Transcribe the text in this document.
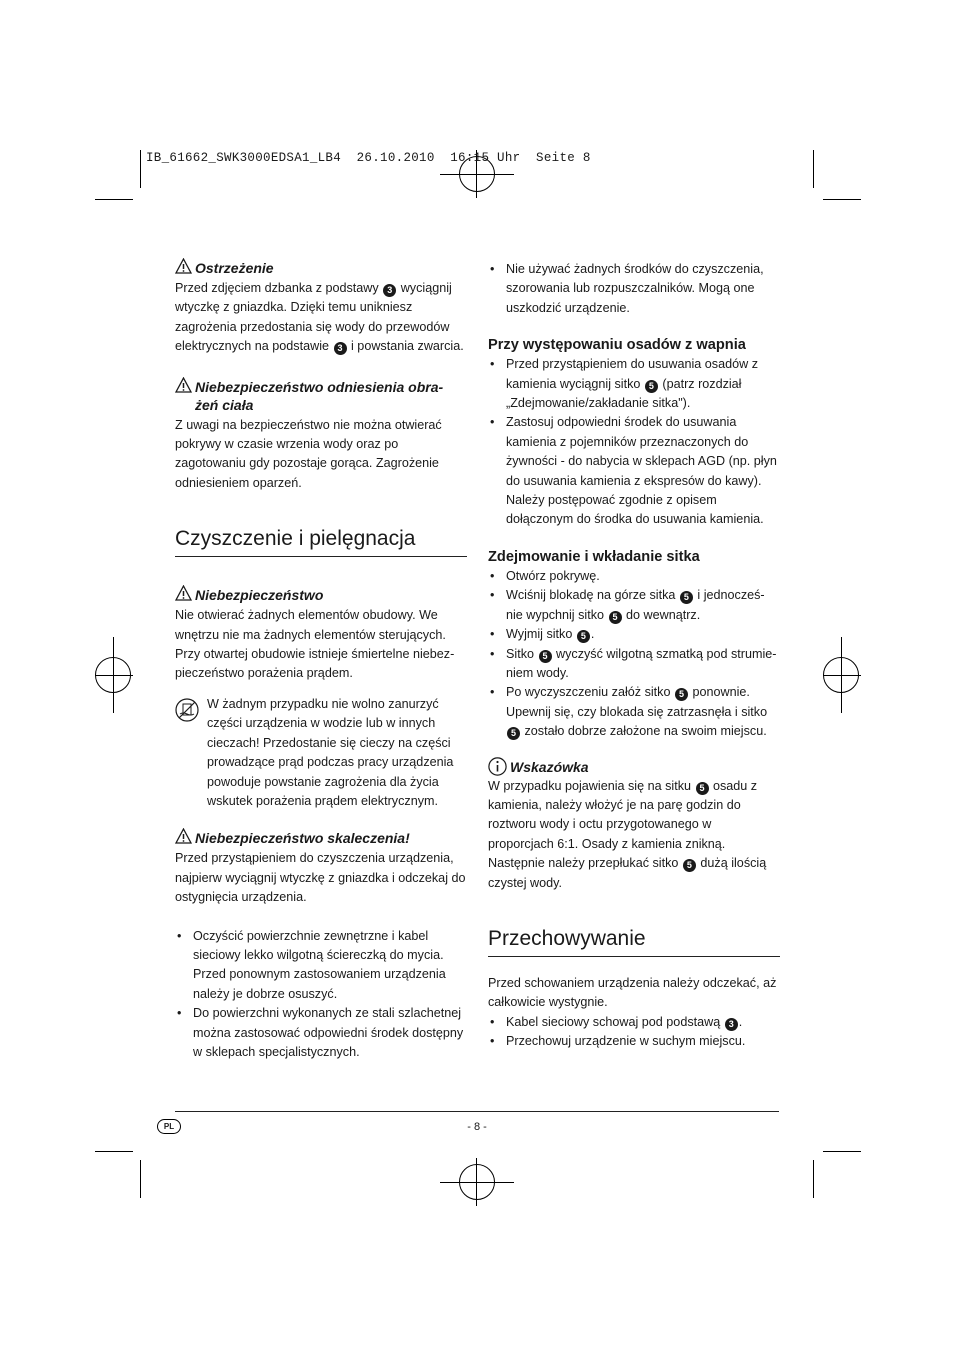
IB_61662_SWK3000EDSA1_LB4  26.10.2010  16:15 Uhr  Seite 8
Ostrzeżenie

Przed zdjęciem dzbanka z podstawy 3 wyciągnij wtyczkę z gniazdka. Dzięki temu unikniesz zagrożenia przedostania się wody do przewodów elektrycznych na podstawie 3 i powstania zwarcia.

Niebezpieczeństwo odniesienia obra- żeń ciała

Z uwagi na bezpieczeństwo nie można otwierać pokrywy w czasie wrzenia wody oraz po zagotowaniu gdy pozostaje gorąca. Zagrożenie odniesieniem oparzeń.

Czyszczenie i pielęgnacja
Niebezpieczeństwo

Nie otwierać żadnych elementów obudowy. We wnętrzu nie ma żadnych elementów sterujących. Przy otwartej obudowie istnieje śmiertelne niebez- pieczeństwo porażenia prądem.

W żadnym przypadku nie wolno zanurzyć części urządzenia w wodzie lub w innych cieczach! Przedostanie się cieczy na części prowadzące prąd podczas pracy urządzenia powoduje powstanie zagrożenia dla życia wskutek porażenia prądem elektrycznym.

Niebezpieczeństwo skaleczenia!

Przed przystąpieniem do czyszczenia urządzenia, najpierw wyciągnij wtyczkę z gniazdka i odczekaj do ostygnięcia urządzenia.

• Oczyścić powierzchnie zewnętrzne i kabel sieciowy lekko wilgotną ściereczką do mycia. Przed ponownym zastosowaniem urządzenia należy je dobrze osuszyć.
• Do powierzchni wykonanych ze stali szlachetnej można zastosować odpowiedni środek dostępny w sklepach specjalistycznych.
• Nie używać żadnych środków do czyszczenia, szorowania lub rozpuszczalników. Mogą one uszkodzić urządzenie.
Przy występowaniu osadów z wapnia
• Przed przystąpieniem do usuwania osadów z kamienia wyciągnij sitko 5 (patrz rozdział „Zdejmowanie/zakładanie sitka").
• Zastosuj odpowiedni środek do usuwania kamienia z pojemników przeznaczonych do żywności - do nabycia w sklepach AGD (np. płyn do usuwania kamienia z ekspresów do kawy). Należy postępować zgodnie z opisem dołączonym do środka do usuwania kamienia.
Zdejmowanie i wkładanie sitka
• Otwórz pokrywę.
• Wciśnij blokadę na górze sitka 5 i jednocześ- nie wypchnij sitko 5 do wewnątrz.
• Wyjmij sitko 5 .
• Sitko 5 wyczyść wilgotną szmatką pod strumie- niem wody.
• Po wyczyszczeniu załóż sitko 5 ponownie. Upewnij się, czy blokada się zatrzasnęła i sitko 5 zostało dobrze założone na swoim miejscu.
Wskazówka

W przypadku pojawienia się na sitku 5 osadu z kamienia, należy włożyć je na parę godzin do roztworu wody i octu przygotowanego w proporcjach 6:1. Osady z kamienia znikną. Następnie należy przepłukać sitko 5 dużą ilością czystej wody.

Przechowywanie

Przed schowaniem urządzenia należy odczekać, aż całkowicie wystygnie.

• Kabel sieciowy schowaj pod podstawą 3 .
• Przechowuj urządzenie w suchym miejscu.
PL	- 8 -
